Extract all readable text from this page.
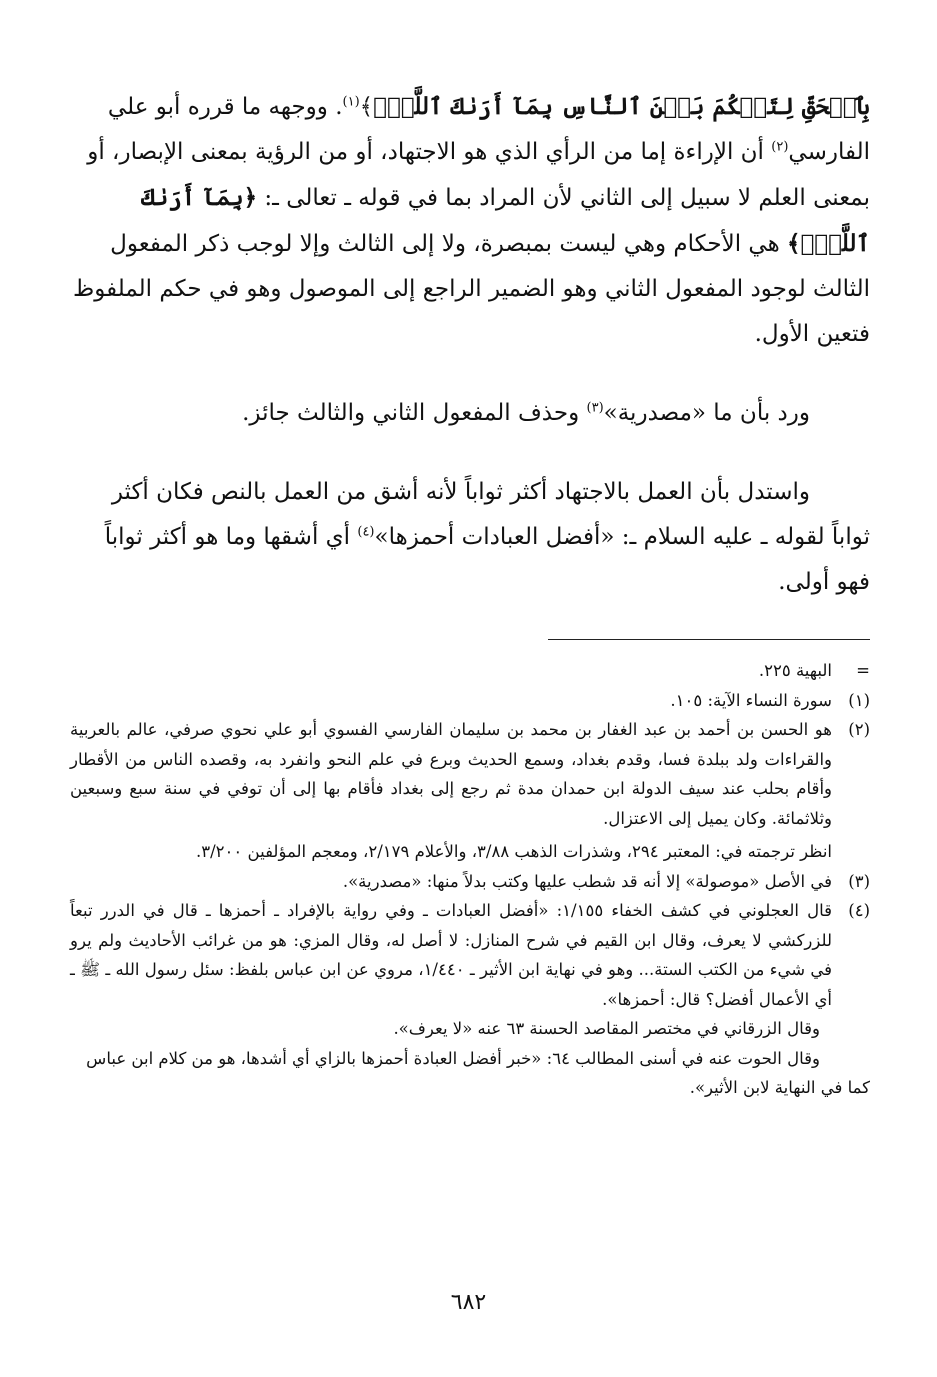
بِٱلۡحَقِّ لِتَحۡكُمَ بَيۡنَ ٱلنَّاسِ بِمَآ أَرَىٰكَ ٱللَّهُۚ﴾$^{(١)}$. ووجهه ما قرره أبو علي الفارسي$^{(٢)}$ أن الإراءة إما من الرأي الذي هو الاجتهاد، أو من الرؤية بمعنى الإبصار، أو بمعنى العلم لا سبيل إلى الثاني لأن المراد بما في قوله ـ تعالى ـ: ﴿بِمَآ أَرَىٰكَ ٱللَّهُۚ﴾ هي الأحكام وهي ليست بمبصرة، ولا إلى الثالث وإلا لوجب ذكر المفعول الثالث لوجود المفعول الثاني وهو الضمير الراجع إلى الموصول وهو في حكم الملفوظ فتعين الأول.

ورد بأن ما «مصدرية»$^{(٣)}$ وحذف المفعول الثاني والثالث جائز.

واستدل بأن العمل بالاجتهاد أكثر ثواباً لأنه أشق من العمل بالنص فكان أكثر ثواباً لقوله ـ عليه السلام ـ: «أفضل العبادات أحمزها»$^{(٤)}$ أي أشقها وما هو أكثر ثواباً فهو أولى.

=
البهية ٢٢٥.
(١)
سورة النساء الآية: ١٠٥.
(٢)
هو الحسن بن أحمد بن عبد الغفار بن محمد بن سليمان الفارسي الفسوي أبو علي نحوي صرفي، عالم بالعربية والقراءات ولد ببلدة فسا، وقدم بغداد، وسمع الحديث وبرع في علم النحو وانفرد به، وقصده الناس من الأقطار وأقام بحلب عند سيف الدولة ابن حمدان مدة ثم رجع إلى بغداد فأقام بها إلى أن توفي في سنة سبع وسبعين وثلاثمائة. وكان يميل إلى الاعتزال.
انظر ترجمته في: المعتبر ٢٩٤، وشذرات الذهب ٣/٨٨، والأعلام ٢/١٧٩، ومعجم المؤلفين ٣/٢٠٠.
(٣)
في الأصل «موصولة» إلا أنه قد شطب عليها وكتب بدلاً منها: «مصدرية».
(٤)
قال العجلوني في كشف الخفاء ١/١٥٥: «أفضل العبادات ـ وفي رواية بالإفراد ـ أحمزها ـ قال في الدرر تبعاً للزركشي لا يعرف، وقال ابن القيم في شرح المنازل: لا أصل له، وقال المزي: هو من غرائب الأحاديث ولم يرو في شيء من الكتب الستة... وهو في نهاية ابن الأثير ـ ١/٤٤٠، مروي عن ابن عباس بلفظ: سئل رسول الله ـ ﷺ ـ أي الأعمال أفضل؟ قال: أحمزها».
وقال الزرقاني في مختصر المقاصد الحسنة ٦٣ عنه «لا يعرف».
وقال الحوت عنه في أسنى المطالب ٦٤: «خبر أفضل العبادة أحمزها بالزاي أي أشدها، هو من كلام ابن عباس كما في النهاية لابن الأثير».
٦٨٢
